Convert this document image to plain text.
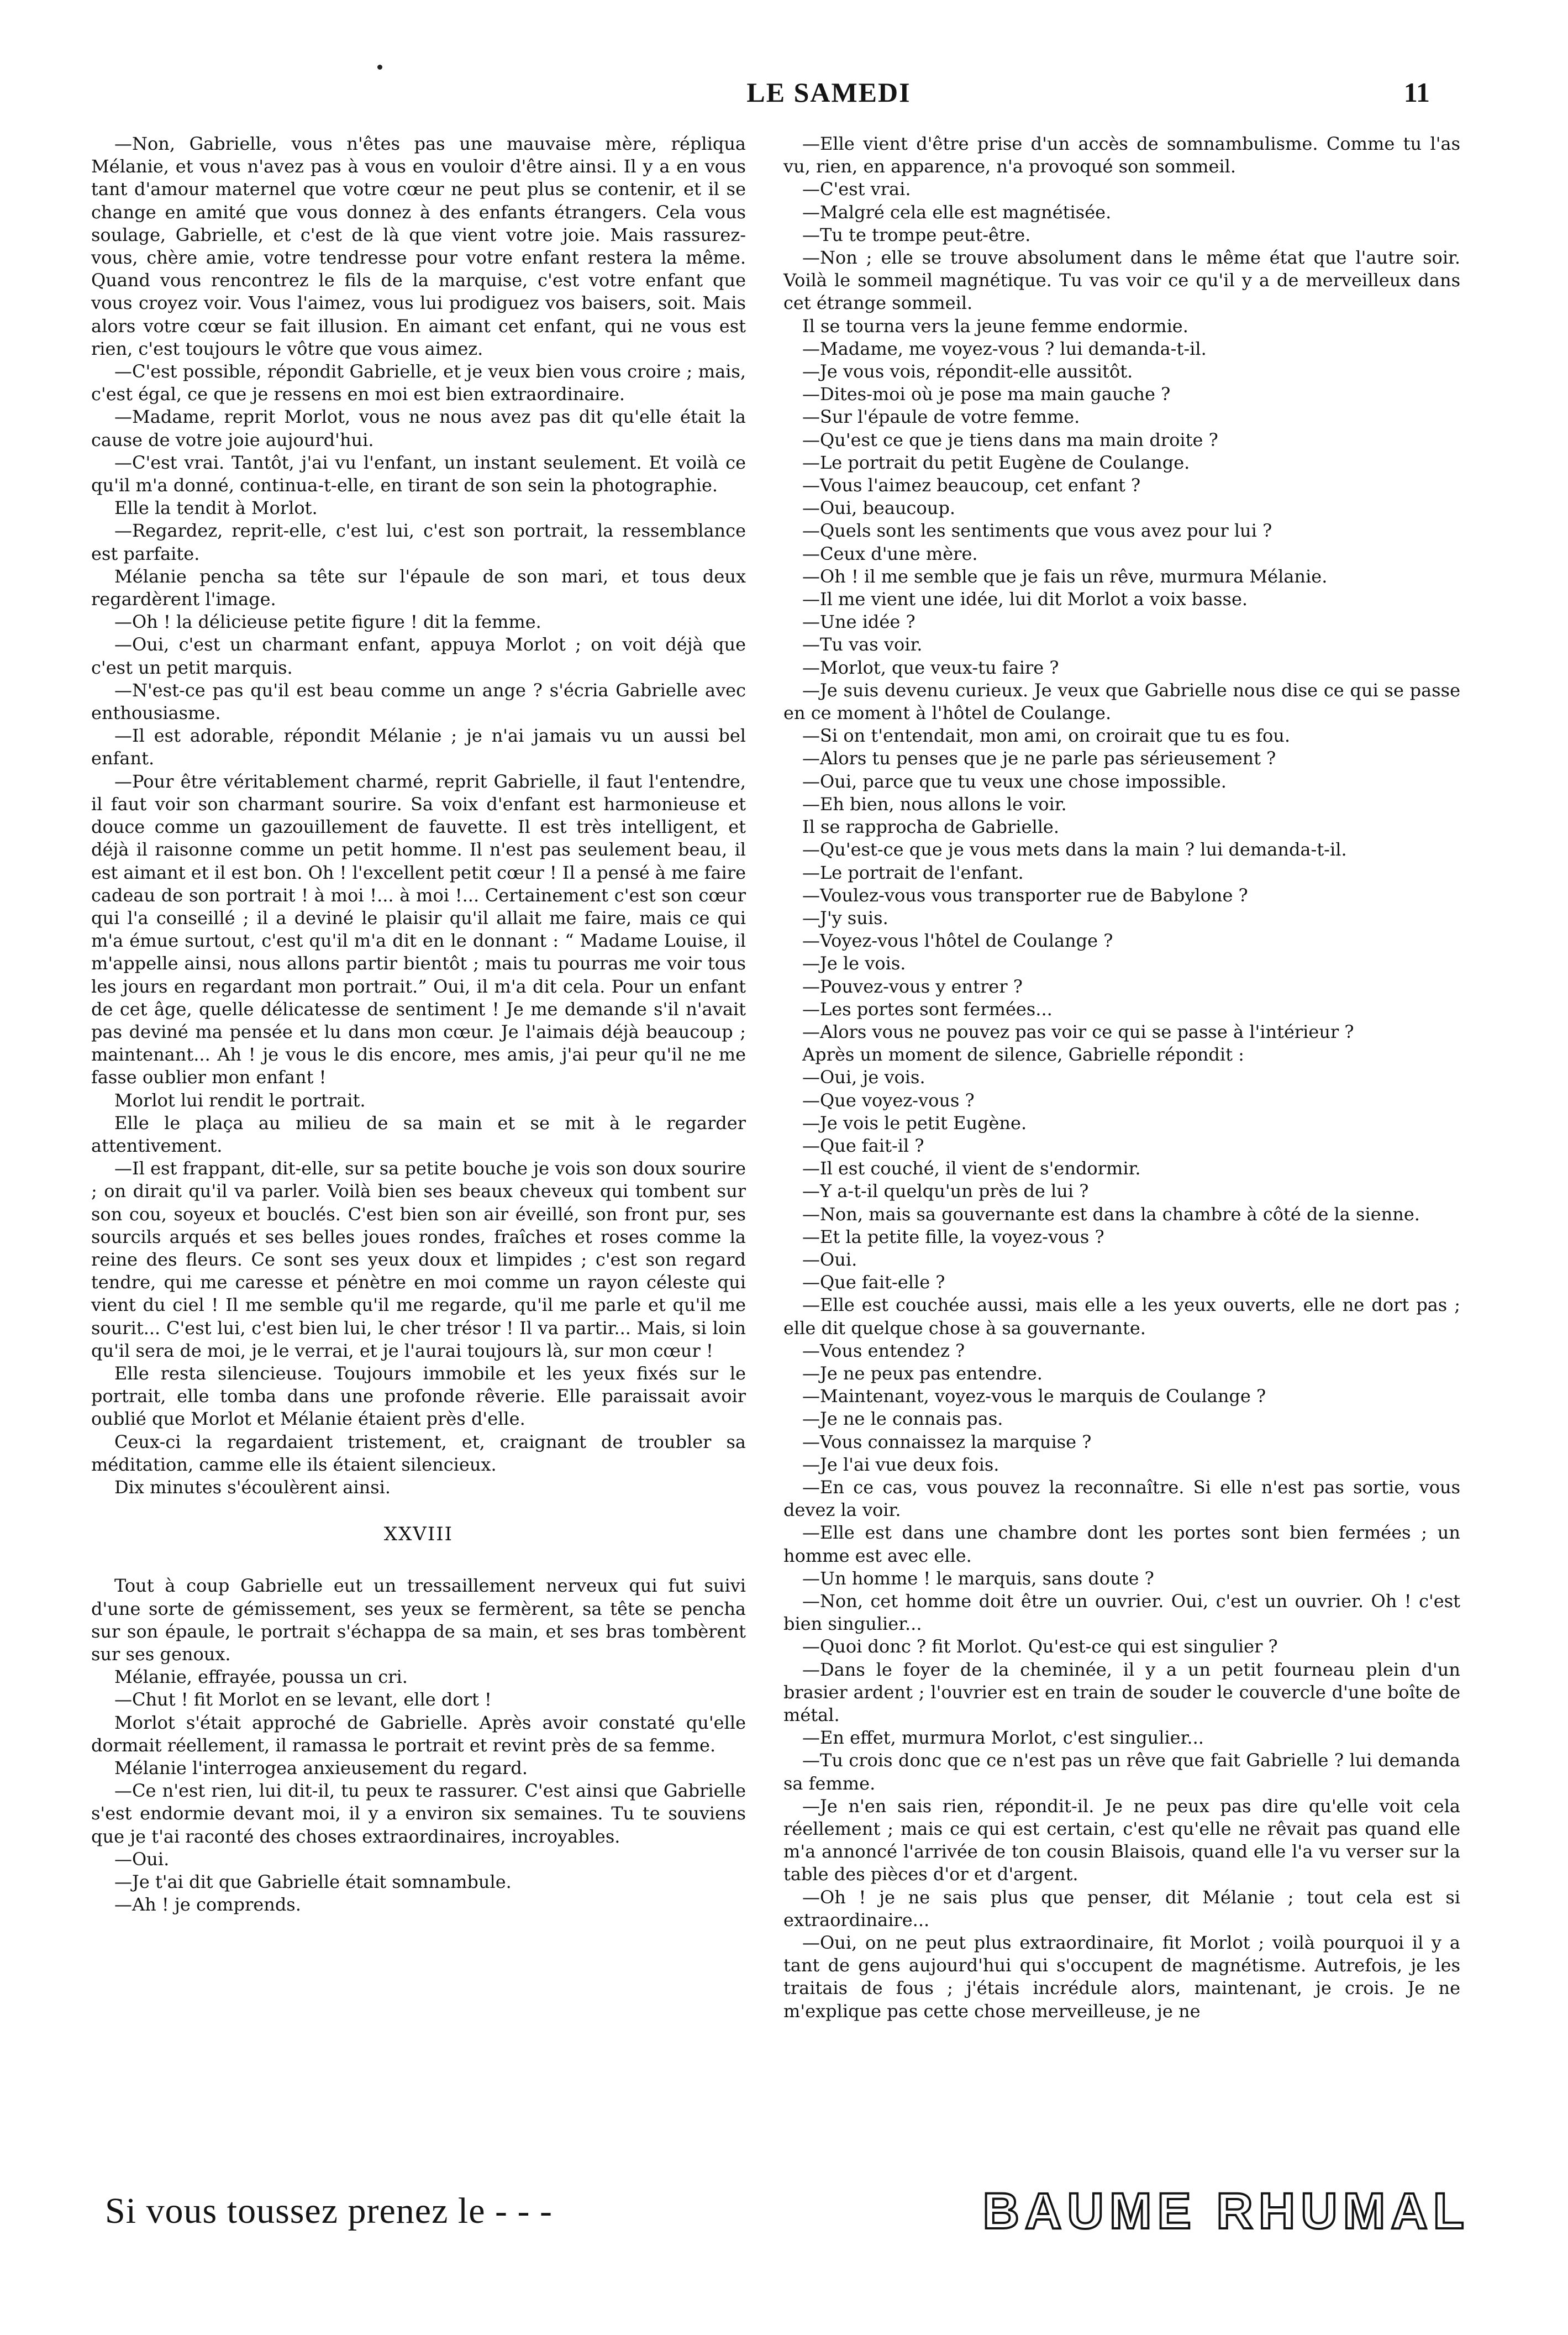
LE SAMEDI	11

—Non, Gabrielle, vous n'êtes pas une mauvaise mère, répliqua Mélanie, et vous n'avez pas à vous en vouloir d'être ainsi. Il y a en vous tant d'amour maternel que votre cœur ne peut plus se contenir, et il se change en amité que vous donnez à des enfants étrangers. Cela vous soulage, Gabrielle, et c'est de là que vient votre joie. Mais rassurez-vous, chère amie, votre tendresse pour votre enfant restera la même. Quand vous rencontrez le fils de la marquise, c'est votre enfant que vous croyez voir. Vous l'aimez, vous lui prodiguez vos baisers, soit. Mais alors votre cœur se fait illusion. En aimant cet enfant, qui ne vous est rien, c'est toujours le vôtre que vous aimez.

—C'est possible, répondit Gabrielle, et je veux bien vous croire ; mais, c'est égal, ce que je ressens en moi est bien extraordinaire.

—Madame, reprit Morlot, vous ne nous avez pas dit qu'elle était la cause de votre joie aujourd'hui.

—C'est vrai. Tantôt, j'ai vu l'enfant, un instant seulement. Et voilà ce qu'il m'a donné, continua-t-elle, en tirant de son sein la photographie.

Elle la tendit à Morlot.

—Regardez, reprit-elle, c'est lui, c'est son portrait, la ressemblance est parfaite.

Mélanie pencha sa tête sur l'épaule de son mari, et tous deux regardèrent l'image.

—Oh ! la délicieuse petite figure ! dit la femme.

—Oui, c'est un charmant enfant, appuya Morlot ; on voit déjà que c'est un petit marquis.

—N'est-ce pas qu'il est beau comme un ange ? s'écria Gabrielle avec enthousiasme.

—Il est adorable, répondit Mélanie ; je n'ai jamais vu un aussi bel enfant.

—Pour être véritablement charmé, reprit Gabrielle, il faut l'entendre, il faut voir son charmant sourire. Sa voix d'enfant est harmonieuse et douce comme un gazouillement de fauvette. Il est très intelligent, et déjà il raisonne comme un petit homme. Il n'est pas seulement beau, il est aimant et il est bon. Oh ! l'excellent petit cœur ! Il a pensé à me faire cadeau de son portrait ! à moi !... à moi !... Certainement c'est son cœur qui l'a conseillé ; il a deviné le plaisir qu'il allait me faire, mais ce qui m'a émue surtout, c'est qu'il m'a dit en le donnant : “ Madame Louise, il m'appelle ainsi, nous allons partir bientôt ; mais tu pourras me voir tous les jours en regardant mon portrait.” Oui, il m'a dit cela. Pour un enfant de cet âge, quelle délicatesse de sentiment ! Je me demande s'il n'avait pas deviné ma pensée et lu dans mon cœur. Je l'aimais déjà beaucoup ; maintenant... Ah ! je vous le dis encore, mes amis, j'ai peur qu'il ne me fasse oublier mon enfant !

Morlot lui rendit le portrait.

Elle le plaça au milieu de sa main et se mit à le regarder attentivement.

—Il est frappant, dit-elle, sur sa petite bouche je vois son doux sourire ; on dirait qu'il va parler. Voilà bien ses beaux cheveux qui tombent sur son cou, soyeux et bouclés. C'est bien son air éveillé, son front pur, ses sourcils arqués et ses belles joues rondes, fraîches et roses comme la reine des fleurs. Ce sont ses yeux doux et limpides ; c'est son regard tendre, qui me caresse et pénètre en moi comme un rayon céleste qui vient du ciel ! Il me semble qu'il me regarde, qu'il me parle et qu'il me sourit... C'est lui, c'est bien lui, le cher trésor ! Il va partir... Mais, si loin qu'il sera de moi, je le verrai, et je l'aurai toujours là, sur mon cœur !

Elle resta silencieuse. Toujours immobile et les yeux fixés sur le portrait, elle tomba dans une profonde rêverie. Elle paraissait avoir oublié que Morlot et Mélanie étaient près d'elle.

Ceux-ci la regardaient tristement, et, craignant de troubler sa méditation, camme elle ils étaient silencieux.

Dix minutes s'écoulèrent ainsi.

XXVIII

Tout à coup Gabrielle eut un tressaillement nerveux qui fut suivi d'une sorte de gémissement, ses yeux se fermèrent, sa tête se pencha sur son épaule, le portrait s'échappa de sa main, et ses bras tombèrent sur ses genoux.

Mélanie, effrayée, poussa un cri.

—Chut ! fit Morlot en se levant, elle dort !

Morlot s'était approché de Gabrielle. Après avoir constaté qu'elle dormait réellement, il ramassa le portrait et revint près de sa femme.

Mélanie l'interrogea anxieusement du regard.

—Ce n'est rien, lui dit-il, tu peux te rassurer. C'est ainsi que Gabrielle s'est endormie devant moi, il y a environ six semaines. Tu te souviens que je t'ai raconté des choses extraordinaires, incroyables.

—Oui.

—Je t'ai dit que Gabrielle était somnambule.

—Ah ! je comprends.

—Elle vient d'être prise d'un accès de somnambulisme. Comme tu l'as vu, rien, en apparence, n'a provoqué son sommeil.

—C'est vrai.

—Malgré cela elle est magnétisée.

—Tu te trompe peut-être.

—Non ; elle se trouve absolument dans le même état que l'autre soir. Voilà le sommeil magnétique. Tu vas voir ce qu'il y a de merveilleux dans cet étrange sommeil.

Il se tourna vers la jeune femme endormie.

—Madame, me voyez-vous ? lui demanda-t-il.

—Je vous vois, répondit-elle aussitôt.

—Dites-moi où je pose ma main gauche ?

—Sur l'épaule de votre femme.

—Qu'est ce que je tiens dans ma main droite ?

—Le portrait du petit Eugène de Coulange.

—Vous l'aimez beaucoup, cet enfant ?

—Oui, beaucoup.

—Quels sont les sentiments que vous avez pour lui ?

—Ceux d'une mère.

—Oh ! il me semble que je fais un rêve, murmura Mélanie.

—Il me vient une idée, lui dit Morlot a voix basse.

—Une idée ?

—Tu vas voir.

—Morlot, que veux-tu faire ?

—Je suis devenu curieux. Je veux que Gabrielle nous dise ce qui se passe en ce moment à l'hôtel de Coulange.

—Si on t'entendait, mon ami, on croirait que tu es fou.

—Alors tu penses que je ne parle pas sérieusement ?

—Oui, parce que tu veux une chose impossible.

—Eh bien, nous allons le voir.

Il se rapprocha de Gabrielle.

—Qu'est-ce que je vous mets dans la main ? lui demanda-t-il.

—Le portrait de l'enfant.

—Voulez-vous vous transporter rue de Babylone ?

—J'y suis.

—Voyez-vous l'hôtel de Coulange ?

—Je le vois.

—Pouvez-vous y entrer ?

—Les portes sont fermées...

—Alors vous ne pouvez pas voir ce qui se passe à l'intérieur ?

Après un moment de silence, Gabrielle répondit :

—Oui, je vois.

—Que voyez-vous ?

—Je vois le petit Eugène.

—Que fait-il ?

—Il est couché, il vient de s'endormir.

—Y a-t-il quelqu'un près de lui ?

—Non, mais sa gouvernante est dans la chambre à côté de la sienne.

—Et la petite fille, la voyez-vous ?

—Oui.

—Que fait-elle ?

—Elle est couchée aussi, mais elle a les yeux ouverts, elle ne dort pas ; elle dit quelque chose à sa gouvernante.

—Vous entendez ?

—Je ne peux pas entendre.

—Maintenant, voyez-vous le marquis de Coulange ?

—Je ne le connais pas.

—Vous connaissez la marquise ?

—Je l'ai vue deux fois.

—En ce cas, vous pouvez la reconnaître. Si elle n'est pas sortie, vous devez la voir.

—Elle est dans une chambre dont les portes sont bien fermées ; un homme est avec elle.

—Un homme ! le marquis, sans doute ?

—Non, cet homme doit être un ouvrier. Oui, c'est un ouvrier. Oh ! c'est bien singulier...

—Quoi donc ? fit Morlot. Qu'est-ce qui est singulier ?

—Dans le foyer de la cheminée, il y a un petit fourneau plein d'un brasier ardent ; l'ouvrier est en train de souder le couvercle d'une boîte de métal.

—En effet, murmura Morlot, c'est singulier...

—Tu crois donc que ce n'est pas un rêve que fait Gabrielle ? lui demanda sa femme.

—Je n'en sais rien, répondit-il. Je ne peux pas dire qu'elle voit cela réellement ; mais ce qui est certain, c'est qu'elle ne rêvait pas quand elle m'a annoncé l'arrivée de ton cousin Blaisois, quand elle l'a vu verser sur la table des pièces d'or et d'argent.

—Oh ! je ne sais plus que penser, dit Mélanie ; tout cela est si extraordinaire...

—Oui, on ne peut plus extraordinaire, fit Morlot ; voilà pourquoi il y a tant de gens aujourd'hui qui s'occupent de magnétisme. Autrefois, je les traitais de fous ; j'étais incrédule alors, maintenant, je crois. Je ne m'explique pas cette chose merveilleuse, je ne

Si vous toussez prenez le - - -	BAUME RHUMAL
